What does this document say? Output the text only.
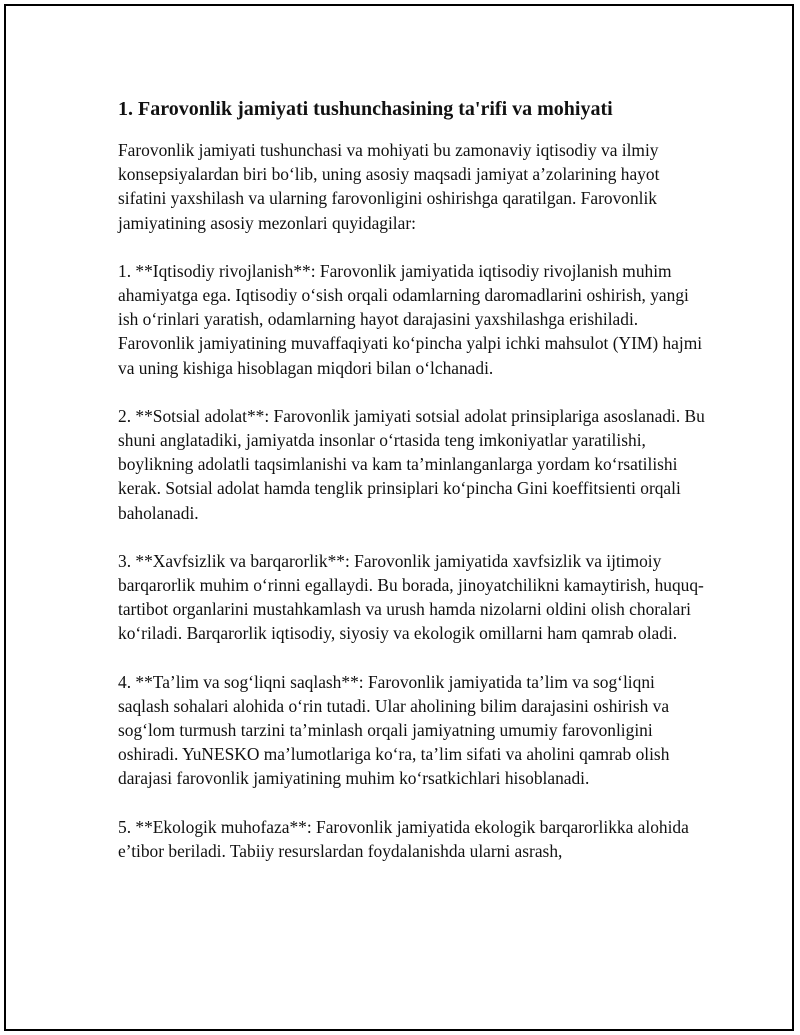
1. Farovonlik jamiyati tushunchasining ta'rifi va mohiyati

Farovonlik jamiyati tushunchasi va mohiyati bu zamonaviy iqtisodiy va ilmiy konsepsiyalardan biri bo‘lib, uning asosiy maqsadi jamiyat a’zolarining hayot sifatini yaxshilash va ularning farovonligini oshirishga qaratilgan. Farovonlik jamiyatining asosiy mezonlari quyidagilar:

1. **Iqtisodiy rivojlanish**: Farovonlik jamiyatida iqtisodiy rivojlanish muhim ahamiyatga ega. Iqtisodiy o‘sish orqali odamlarning daromadlarini oshirish, yangi ish o‘rinlari yaratish, odamlarning hayot darajasini yaxshilashga erishiladi. Farovonlik jamiyatining muvaffaqiyati ko‘pincha yalpi ichki mahsulot (YIM) hajmi va uning kishiga hisoblagan miqdori bilan o‘lchanadi.

2. **Sotsial adolat**: Farovonlik jamiyati sotsial adolat prinsiplariga asoslanadi. Bu shuni anglatadiki, jamiyatda insonlar o‘rtasida teng imkoniyatlar yaratilishi, boylikning adolatli taqsimlanishi va kam ta’minlanganlarga yordam ko‘rsatilishi kerak. Sotsial adolat hamda tenglik prinsiplari ko‘pincha Gini koeffitsienti orqali baholanadi.

3. **Xavfsizlik va barqarorlik**: Farovonlik jamiyatida xavfsizlik va ijtimoiy barqarorlik muhim o‘rinni egallaydi. Bu borada, jinoyatchilikni kamaytirish, huquq-tartibot organlarini mustahkamlash va urush hamda nizolarni oldini olish choralari ko‘riladi. Barqarorlik iqtisodiy, siyosiy va ekologik omillarni ham qamrab oladi.

4. **Ta’lim va sog‘liqni saqlash**: Farovonlik jamiyatida ta’lim va sog‘liqni saqlash sohalari alohida o‘rin tutadi. Ular aholining bilim darajasini oshirish va sog‘lom turmush tarzini ta’minlash orqali jamiyatning umumiy farovonligini oshiradi. YuNESKO ma’lumotlariga ko‘ra, ta’lim sifati va aholini qamrab olish darajasi farovonlik jamiyatining muhim ko‘rsatkichlari hisoblanadi.

5. **Ekologik muhofaza**: Farovonlik jamiyatida ekologik barqarorlikka alohida e’tibor beriladi. Tabiiy resurslardan foydalanishda ularni asrash,
